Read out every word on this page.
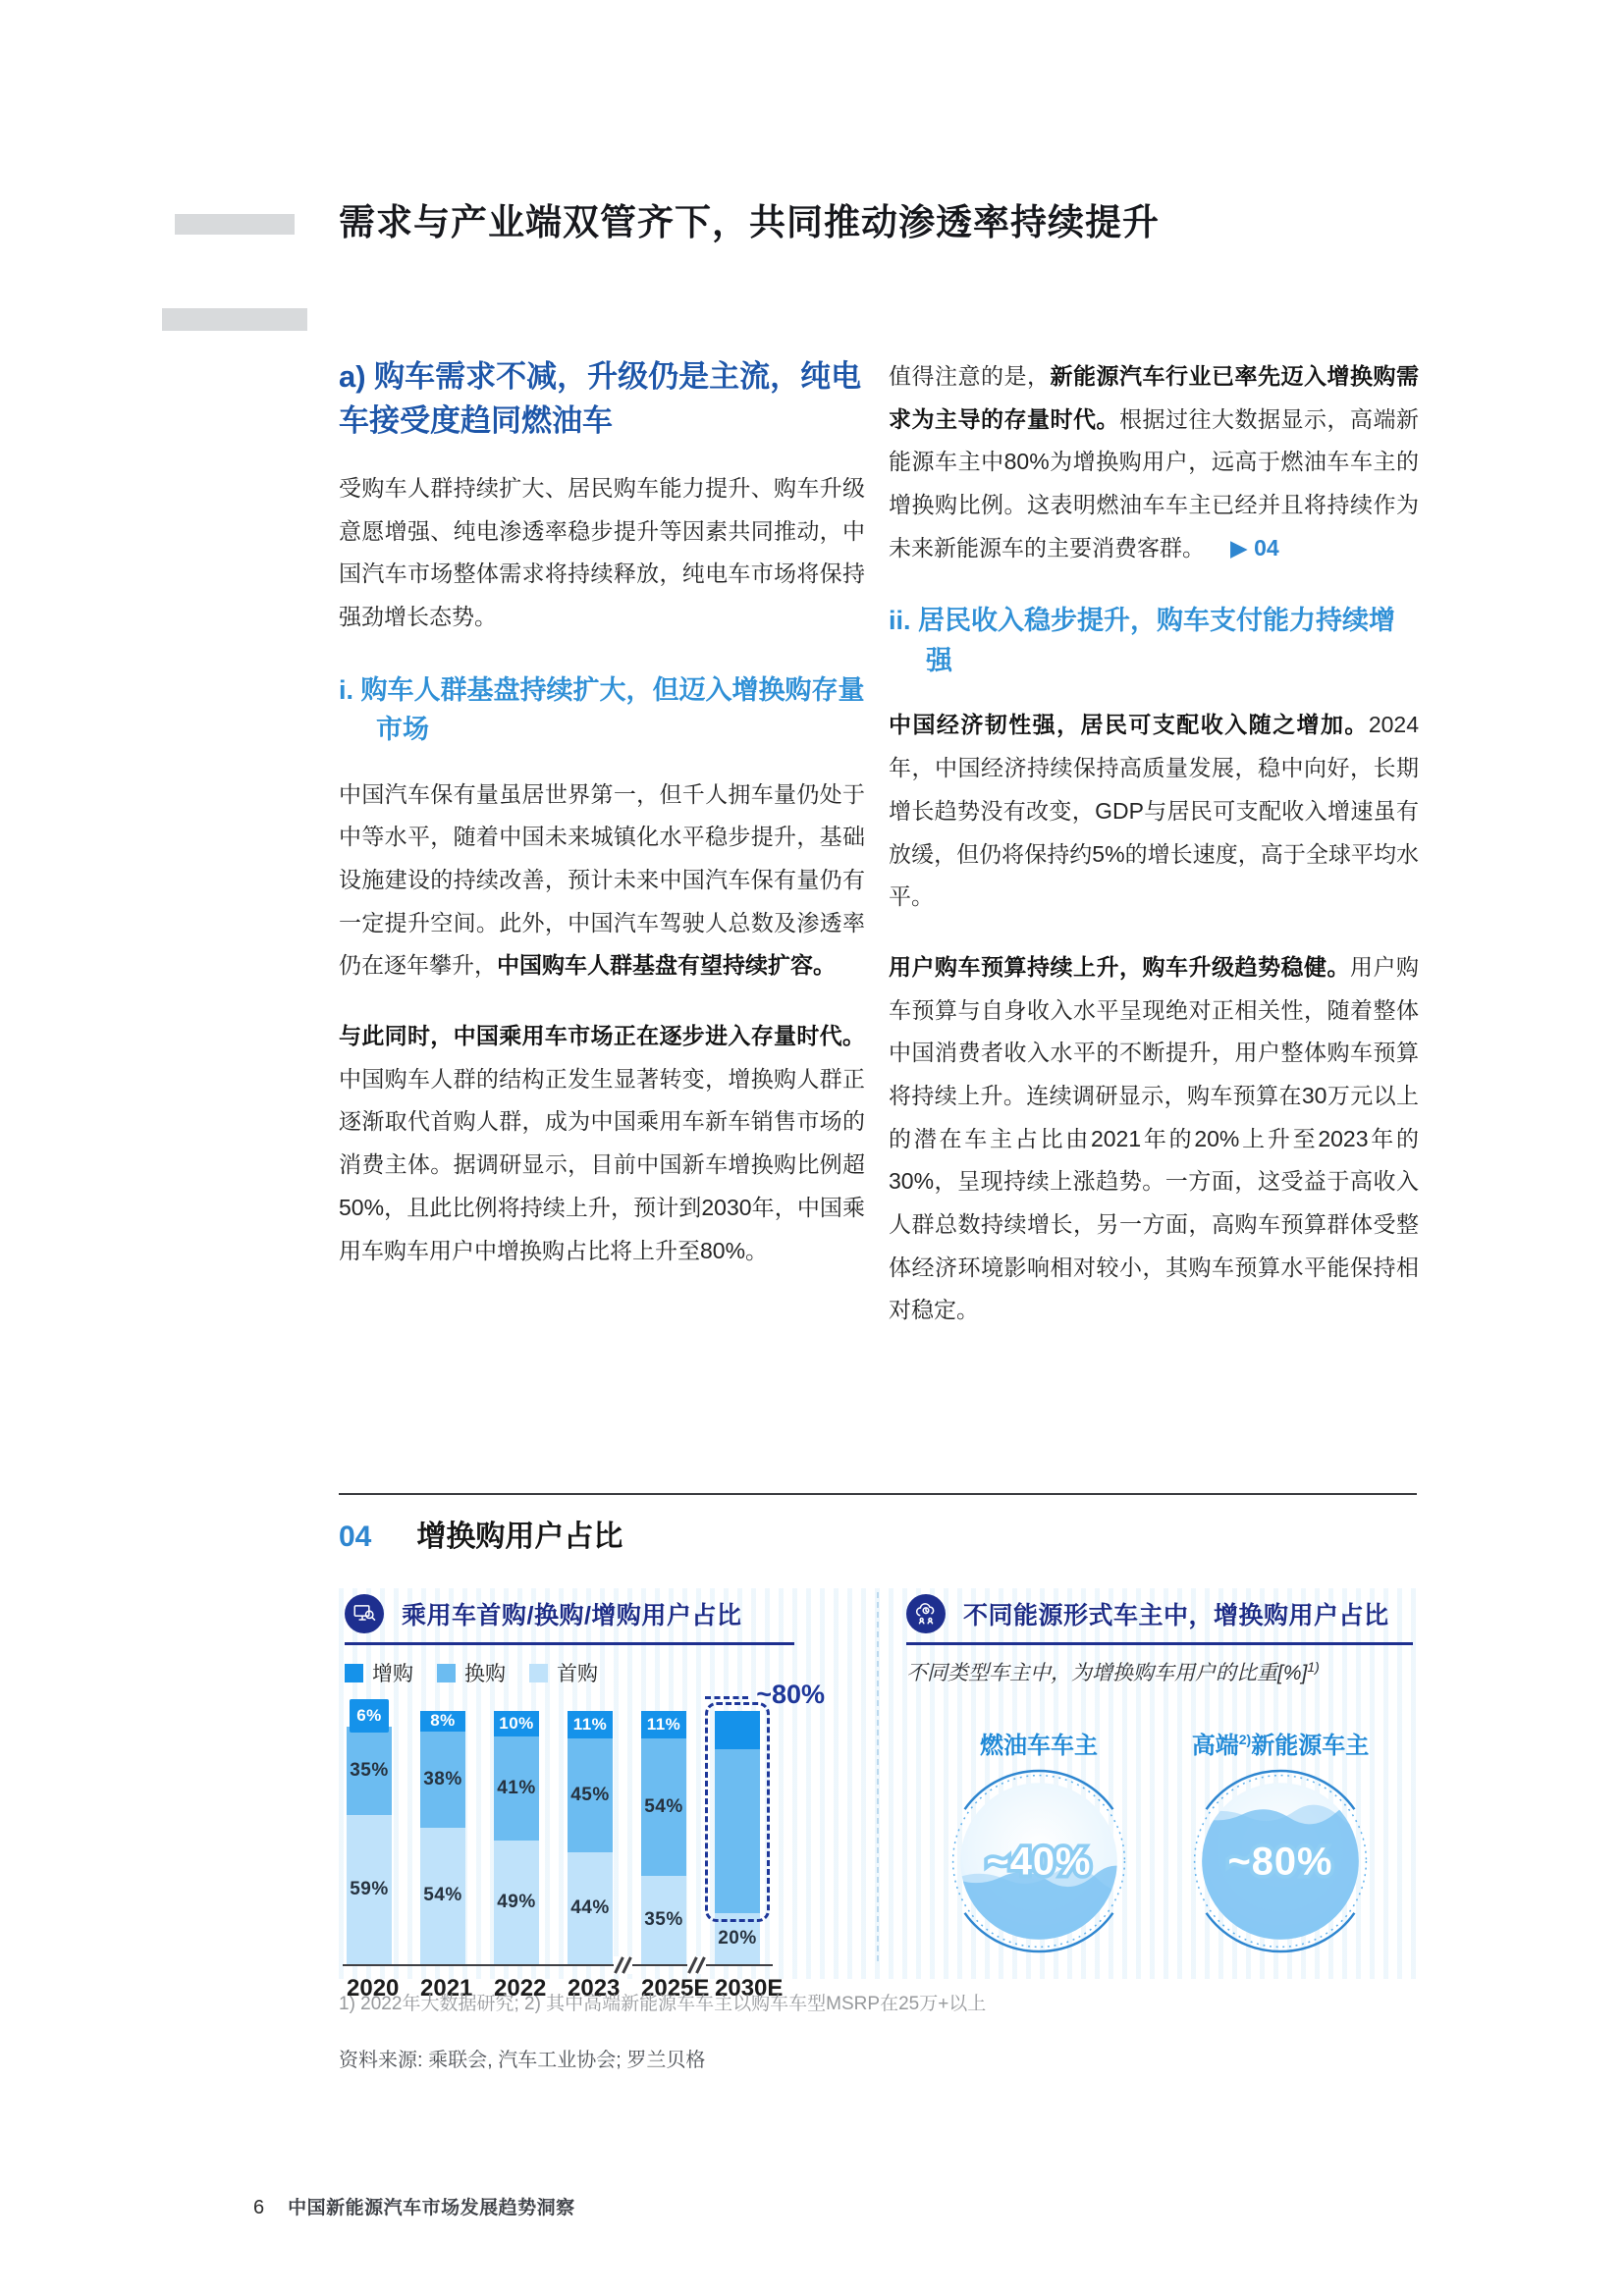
需求与产业端双管齐下，共同推动渗透率持续提升
a) 购车需求不减，升级仍是主流，纯电车接受度趋同燃油车

受购车人群持续扩大、居民购车能力提升、购车升级意愿增强、纯电渗透率稳步提升等因素共同推动，中国汽车市场整体需求将持续释放，纯电车市场将保持强劲增长态势。

i. 购车人群基盘持续扩大，但迈入增换购存量市场

中国汽车保有量虽居世界第一，但千人拥车量仍处于中等水平，随着中国未来城镇化水平稳步提升，基础设施建设的持续改善，预计未来中国汽车保有量仍有一定提升空间。此外，中国汽车驾驶人总数及渗透率仍在逐年攀升，中国购车人群基盘有望持续扩容。

与此同时，中国乘用车市场正在逐步进入存量时代。中国购车人群的结构正发生显著转变，增换购人群正逐渐取代首购人群，成为中国乘用车新车销售市场的消费主体。据调研显示，目前中国新车增换购比例超50%，且此比例将持续上升，预计到2030年，中国乘用车购车用户中增换购占比将上升至80%。

值得注意的是，新能源汽车行业已率先迈入增换购需求为主导的存量时代。根据过往大数据显示，高端新能源车主中80%为增换购用户，远高于燃油车车主的增换购比例。这表明燃油车车主已经并且将持续作为未来新能源车的主要消费客群。 ▶ 04

ii. 居民收入稳步提升，购车支付能力持续增强

中国经济韧性强，居民可支配收入随之增加。2024年，中国经济持续保持高质量发展，稳中向好，长期增长趋势没有改变，GDP与居民可支配收入增速虽有放缓，但仍将保持约5%的增长速度，高于全球平均水平。

用户购车预算持续上升，购车升级趋势稳健。用户购车预算与自身收入水平呈现绝对正相关性，随着整体中国消费者收入水平的不断提升，用户整体购车预算将持续上升。连续调研显示，购车预算在30万元以上的潜在车主占比由2021年的20%上升至2023年的30%，呈现持续上涨趋势。一方面，这受益于高收入人群总数持续增长，另一方面，高购车预算群体受整体经济环境影响相对较小，其购车预算水平能保持相对稳定。

04 增换购用户占比
乘用车首购/换购/增购用户占比
增购 换购 首购
6%
35%
59%
8%
38%
54%
10%
41%
49%
11%
45%
44%
11%
54%
35%
20%
~80%
2020 2021 2022 2023 2025E 2030E
不同能源形式车主中，增换购用户占比
不同类型车主中，为增换购车用户的比重[%]$^{1)}$
燃油车车主	高端$^{2)}$新能源车主
~40%	~80%
1) 2022年大数据研究; 2) 其中高端新能源车车主以购车车型MSRP在25万+以上
资料来源: 乘联会, 汽车工业协会; 罗兰贝格
6 中国新能源汽车市场发展趋势洞察
